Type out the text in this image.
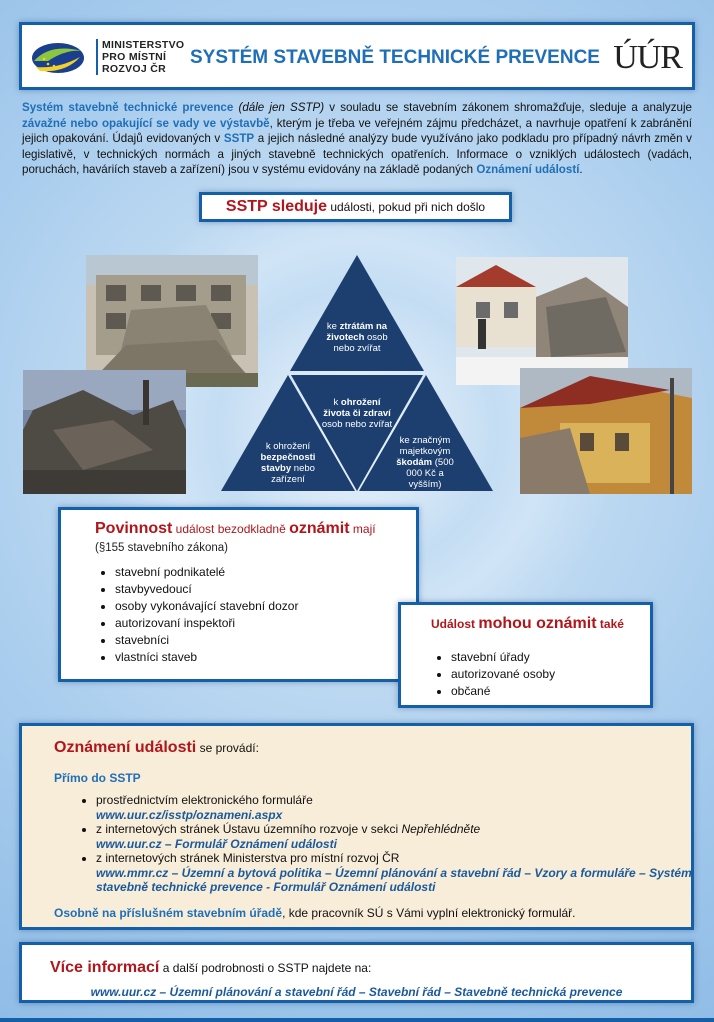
MINISTERSTVO
PRO MÍSTNÍ
ROZVOJ ČR
SYSTÉM STAVEBNĚ TECHNICKÉ PREVENCE ÚÚR
Systém stavebně technické prevence (dále jen SSTP) v souladu se stavebním zákonem shromažďuje, sleduje a analyzuje závažné nebo opakující se vady ve výstavbě, kterým je třeba ve veřejném zájmu předcházet, a navrhuje opatření k zabránění jejich opakování. Údajů evidovaných v SSTP a jejich následné analýzy bude využíváno jako podkladu pro případný návrh změn v legislativě, v technických normách a jiných stavebně technických opatřeních. Informace o vzniklých událostech (vadách, poruchách, haváriích staveb a zařízení) jsou v systému evidovány na základě podaných Oznámení událostí.
SSTP sleduje události, pokud při nich došlo
ke ztrátám na životech osob nebo zvířat
k ohrožení života či zdraví osob nebo zvířat
k ohrožení bezpečnosti stavby nebo zařízení
ke značným majetkovým škodám (500 000 Kč a vyšším)
Povinnost událost bezodkladně oznámit mají
(§155 stavebního zákona)
• stavební podnikatelé
• stavbyvedoucí
• osoby vykonávající stavební dozor
• autorizovaní inspektoři
• stavebníci
• vlastníci staveb
Událost mohou oznámit také
• stavební úřady
• autorizované osoby
• občané
Oznámení události se provádí:
Přímo do SSTP
• prostřednictvím elektronického formuláře
www.uur.cz/isstp/oznameni.aspx
• z internetových stránek Ústavu územního rozvoje v sekci Nepřehlédněte
www.uur.cz – Formulář Oznámení události
• z internetových stránek Ministerstva pro místní rozvoj ČR
www.mmr.cz – Územní a bytová politika – Územní plánování a stavební řád – Vzory a formuláře – Systém stavebně technické prevence - Formulář Oznámení události
Osobně na příslušném stavebním úřadě, kde pracovník SÚ s Vámi vyplní elektronický formulář.
Více informací a další podrobnosti o SSTP najdete na:
www.uur.cz – Územní plánování a stavební řád – Stavební řád – Stavebně technická prevence
